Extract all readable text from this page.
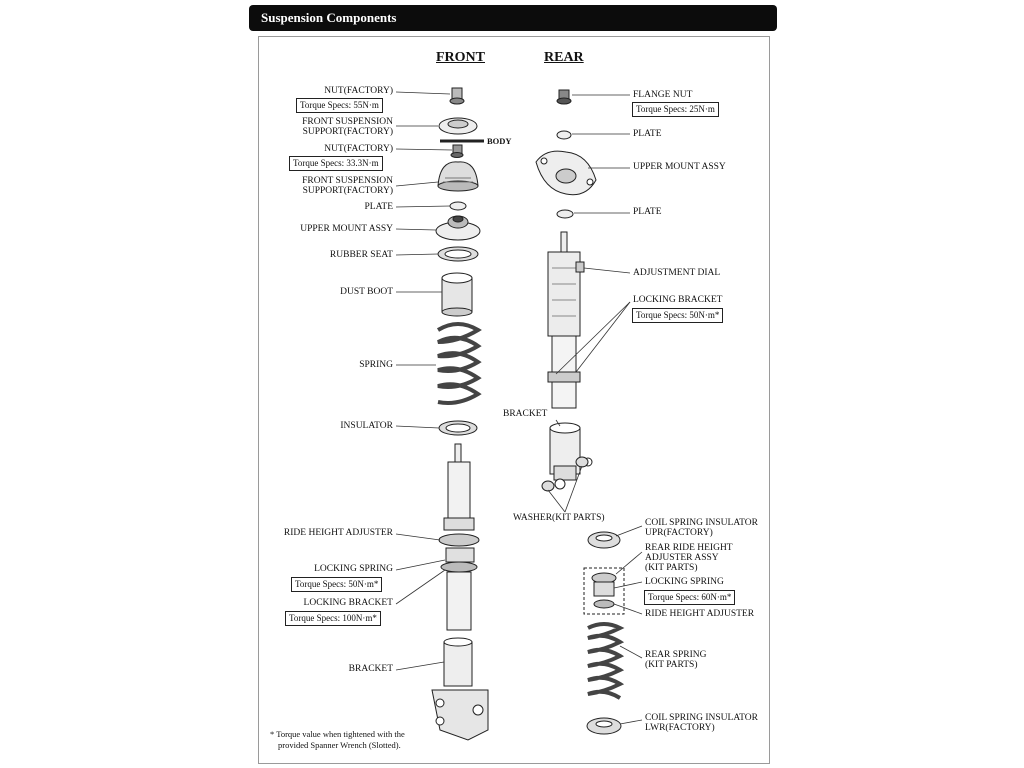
Suspension Components
FRONT	REAR
NUT(FACTORY)
Torque Specs: 55N·m
FRONT SUSPENSION
SUPPORT(FACTORY)
BODY
NUT(FACTORY)
Torque Specs: 33.3N·m
FRONT SUSPENSION
SUPPORT(FACTORY)
PLATE
UPPER MOUNT ASSY
RUBBER SEAT
DUST BOOT
SPRING
INSULATOR
RIDE HEIGHT ADJUSTER
LOCKING SPRING
Torque Specs: 50N·m*
LOCKING BRACKET
Torque Specs: 100N·m*
BRACKET
FLANGE NUT
Torque Specs: 25N·m
PLATE
UPPER MOUNT ASSY
PLATE
ADJUSTMENT DIAL
LOCKING BRACKET
Torque Specs: 50N·m*
BRACKET
WASHER(KIT PARTS)	COIL SPRING INSULATOR
UPR(FACTORY)
REAR RIDE HEIGHT
ADJUSTER ASSY
(KIT PARTS)
LOCKING SPRING
Torque Specs: 60N·m*
RIDE HEIGHT ADJUSTER
REAR SPRING
(KIT PARTS)
COIL SPRING INSULATOR
LWR(FACTORY)
* Torque value when tightened with the
provided Spanner Wrench (Slotted).
